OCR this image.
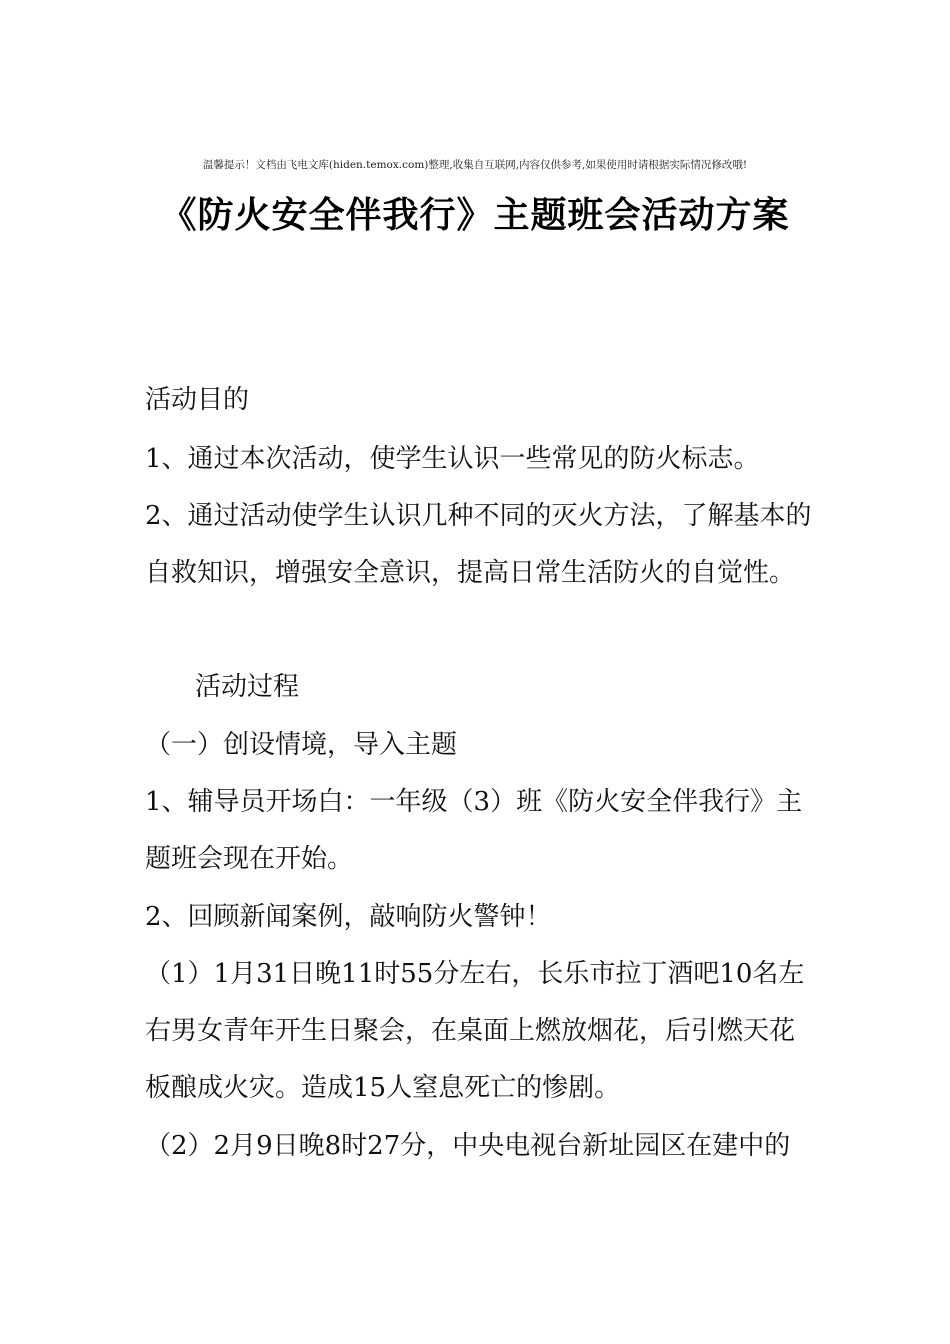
温馨提示！文档由飞电文库(hiden.temox.com)整理,收集自互联网,内容仅供参考,如果使用时请根据实际情况修改哦!
《防火安全伴我行》主题班会活动方案
活动目的
1、通过本次活动，使学生认识一些常见的防火标志。
2、通过活动使学生认识几种不同的灭火方法，了解基本的
自救知识，增强安全意识，提高日常生活防火的自觉性。
活动过程
（一）创设情境，导入主题
1、辅导员开场白：一年级（3）班《防火安全伴我行》主
题班会现在开始。
2、回顾新闻案例，敲响防火警钟！
（1）1月31日晚11时55分左右，长乐市拉丁酒吧10名左
右男女青年开生日聚会，在桌面上燃放烟花，后引燃天花
板酿成火灾。造成15人窒息死亡的惨剧。
（2）2月9日晚8时27分，中央电视台新址园区在建中的
